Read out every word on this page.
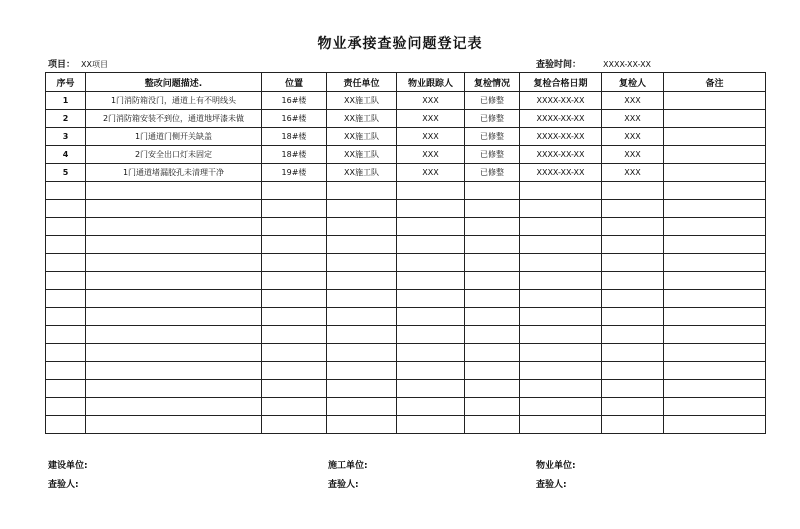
物业承接查验问题登记表
项目： XX项目	查验时间：	XXXX-XX-XX
序号	整改问题描述.	位置	责任单位	物业跟踪人	复检情况	复检合格日期	复检人	备注
1	1门消防箱没门，通道上有不明线头	16#楼	XX施工队	XXX	已修整	XXXX-XX-XX	XXX	
2	2门消防箱安装不到位，通道地坪漆未做	16#楼	XX施工队	XXX	已修整	XXXX-XX-XX	XXX	
3	1门通道门侧开关缺盖	18#楼	XX施工队	XXX	已修整	XXXX-XX-XX	XXX	
4	2门安全出口灯未固定	18#楼	XX施工队	XXX	已修整	XXXX-XX-XX	XXX	
5	1门通道堵漏胶孔未清理干净	19#楼	XX施工队	XXX	已修整	XXXX-XX-XX	XXX	

建设单位:	施工单位:	物业单位:
查验人:	查验人:	查验人:
